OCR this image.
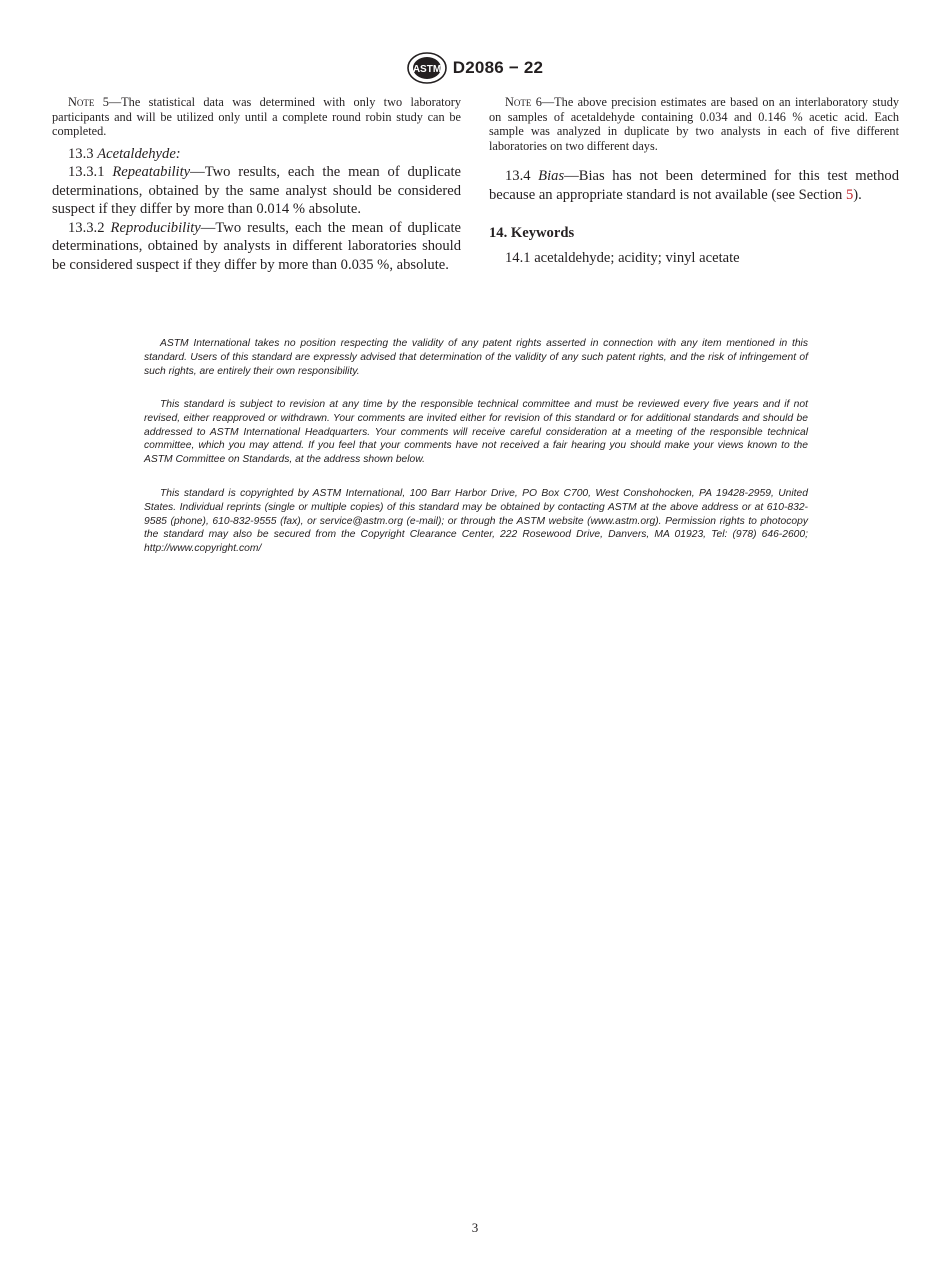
ASTM D2086 − 22

Note 5—The statistical data was determined with only two laboratory participants and will be utilized only until a complete round robin study can be completed.

13.3 Acetaldehyde:

13.3.1 Repeatability—Two results, each the mean of duplicate determinations, obtained by the same analyst should be considered suspect if they differ by more than 0.014 % absolute.

13.3.2 Reproducibility—Two results, each the mean of duplicate determinations, obtained by analysts in different laboratories should be considered suspect if they differ by more than 0.035 %, absolute.

Note 6—The above precision estimates are based on an interlaboratory study on samples of acetaldehyde containing 0.034 and 0.146 % acetic acid. Each sample was analyzed in duplicate by two analysts in each of five different laboratories on two different days.

13.4 Bias—Bias has not been determined for this test method because an appropriate standard is not available (see Section 5).

14. Keywords

14.1 acetaldehyde; acidity; vinyl acetate

ASTM International takes no position respecting the validity of any patent rights asserted in connection with any item mentioned in this standard. Users of this standard are expressly advised that determination of the validity of any such patent rights, and the risk of infringement of such rights, are entirely their own responsibility.

This standard is subject to revision at any time by the responsible technical committee and must be reviewed every five years and if not revised, either reapproved or withdrawn. Your comments are invited either for revision of this standard or for additional standards and should be addressed to ASTM International Headquarters. Your comments will receive careful consideration at a meeting of the responsible technical committee, which you may attend. If you feel that your comments have not received a fair hearing you should make your views known to the ASTM Committee on Standards, at the address shown below.

This standard is copyrighted by ASTM International, 100 Barr Harbor Drive, PO Box C700, West Conshohocken, PA 19428-2959, United States. Individual reprints (single or multiple copies) of this standard may be obtained by contacting ASTM at the above address or at 610-832-9585 (phone), 610-832-9555 (fax), or service@astm.org (e-mail); or through the ASTM website (www.astm.org). Permission rights to photocopy the standard may also be secured from the Copyright Clearance Center, 222 Rosewood Drive, Danvers, MA 01923, Tel: (978) 646-2600; http://www.copyright.com/

3
